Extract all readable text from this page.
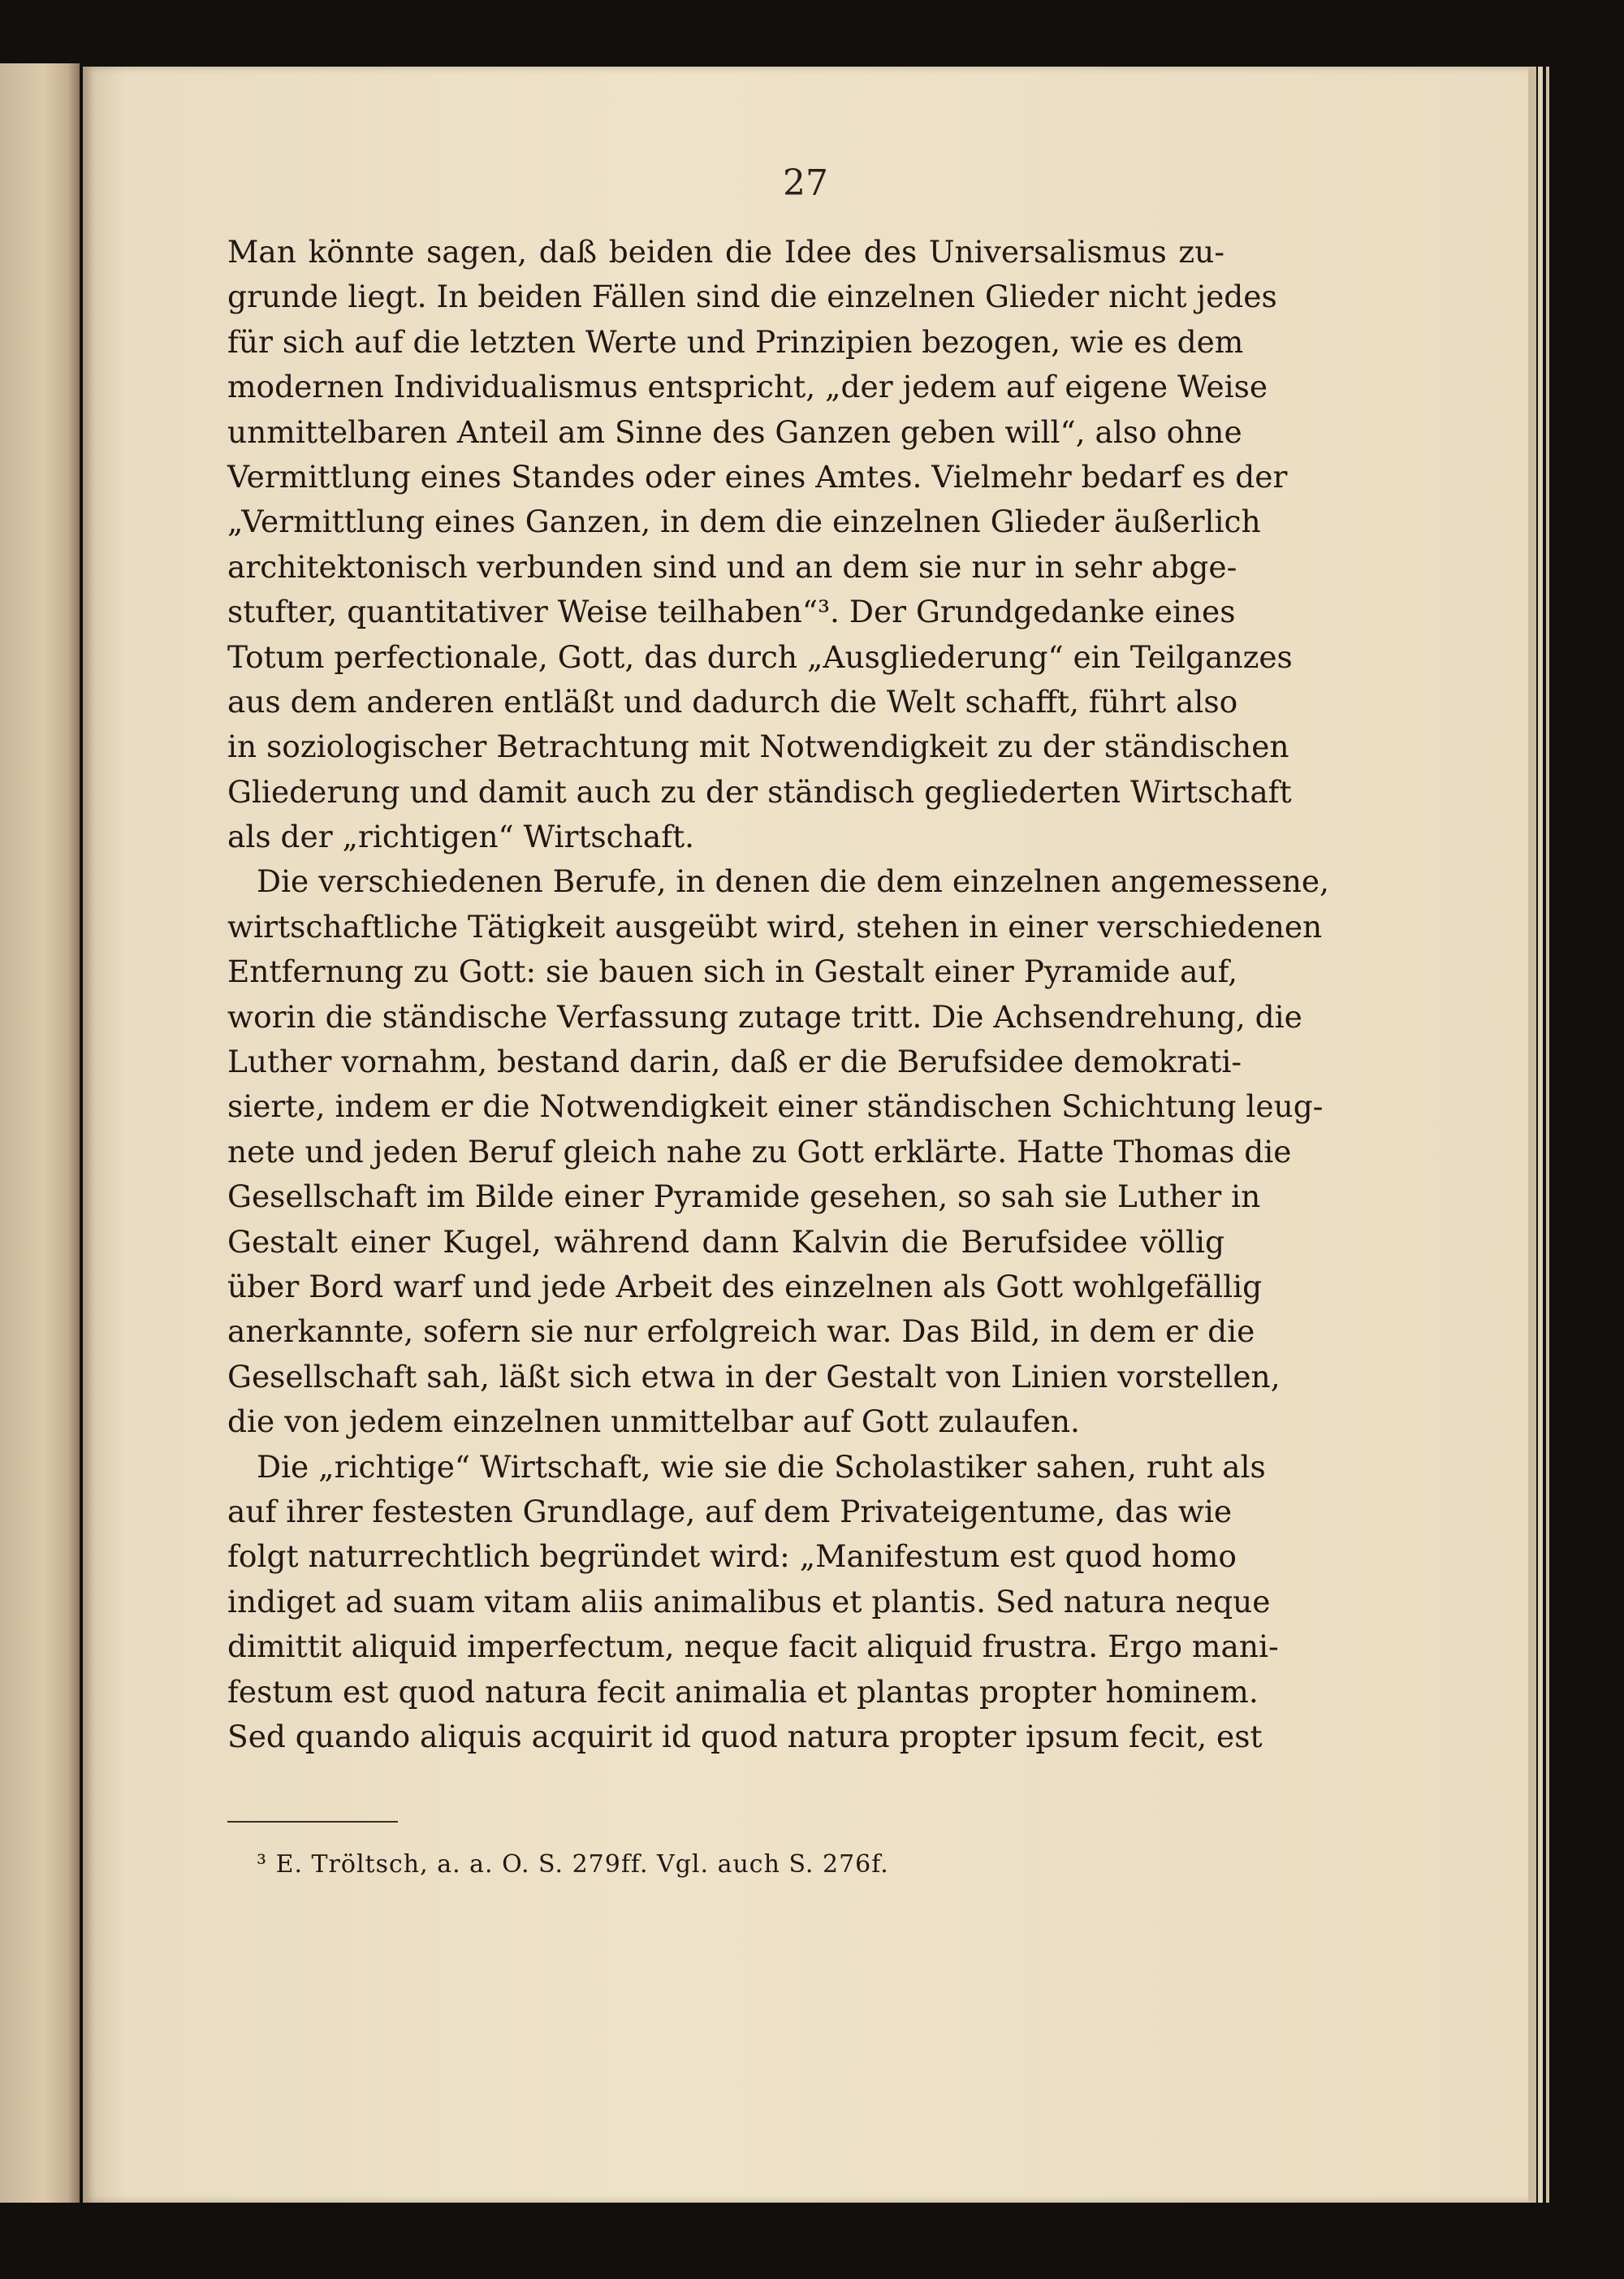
27

Man könnte sagen, daß beiden die Idee des Universalismus zu-
grunde liegt. In beiden Fällen sind die einzelnen Glieder nicht jedes
für sich auf die letzten Werte und Prinzipien bezogen, wie es dem
modernen Individualismus entspricht, „der jedem auf eigene Weise
unmittelbaren Anteil am Sinne des Ganzen geben will“, also ohne
Vermittlung eines Standes oder eines Amtes. Vielmehr bedarf es der
„Vermittlung eines Ganzen, in dem die einzelnen Glieder äußerlich
architektonisch verbunden sind und an dem sie nur in sehr abge-
stufter, quantitativer Weise teilhaben“³. Der Grundgedanke eines
Totum perfectionale, Gott, das durch „Ausgliederung“ ein Teilganzes
aus dem anderen entläßt und dadurch die Welt schafft, führt also
in soziologischer Betrachtung mit Notwendigkeit zu der ständischen
Gliederung und damit auch zu der ständisch gegliederten Wirtschaft
als der „richtigen“ Wirtschaft.
Die verschiedenen Berufe, in denen die dem einzelnen angemessene,
wirtschaftliche Tätigkeit ausgeübt wird, stehen in einer verschiedenen
Entfernung zu Gott: sie bauen sich in Gestalt einer Pyramide auf,
worin die ständische Verfassung zutage tritt. Die Achsendrehung, die
Luther vornahm, bestand darin, daß er die Berufsidee demokrati-
sierte, indem er die Notwendigkeit einer ständischen Schichtung leug-
nete und jeden Beruf gleich nahe zu Gott erklärte. Hatte Thomas die
Gesellschaft im Bilde einer Pyramide gesehen, so sah sie Luther in
Gestalt einer Kugel, während dann Kalvin die Berufsidee völlig
über Bord warf und jede Arbeit des einzelnen als Gott wohlgefällig
anerkannte, sofern sie nur erfolgreich war. Das Bild, in dem er die
Gesellschaft sah, läßt sich etwa in der Gestalt von Linien vorstellen,
die von jedem einzelnen unmittelbar auf Gott zulaufen.
Die „richtige“ Wirtschaft, wie sie die Scholastiker sahen, ruht als
auf ihrer festesten Grundlage, auf dem Privateigentume, das wie
folgt naturrechtlich begründet wird: „Manifestum est quod homo
indiget ad suam vitam aliis animalibus et plantis. Sed natura neque
dimittit aliquid imperfectum, neque facit aliquid frustra. Ergo mani-
festum est quod natura fecit animalia et plantas propter hominem.
Sed quando aliquis acquirit id quod natura propter ipsum fecit, est

³ E. Tröltsch, a. a. O. S. 279ff. Vgl. auch S. 276f.
